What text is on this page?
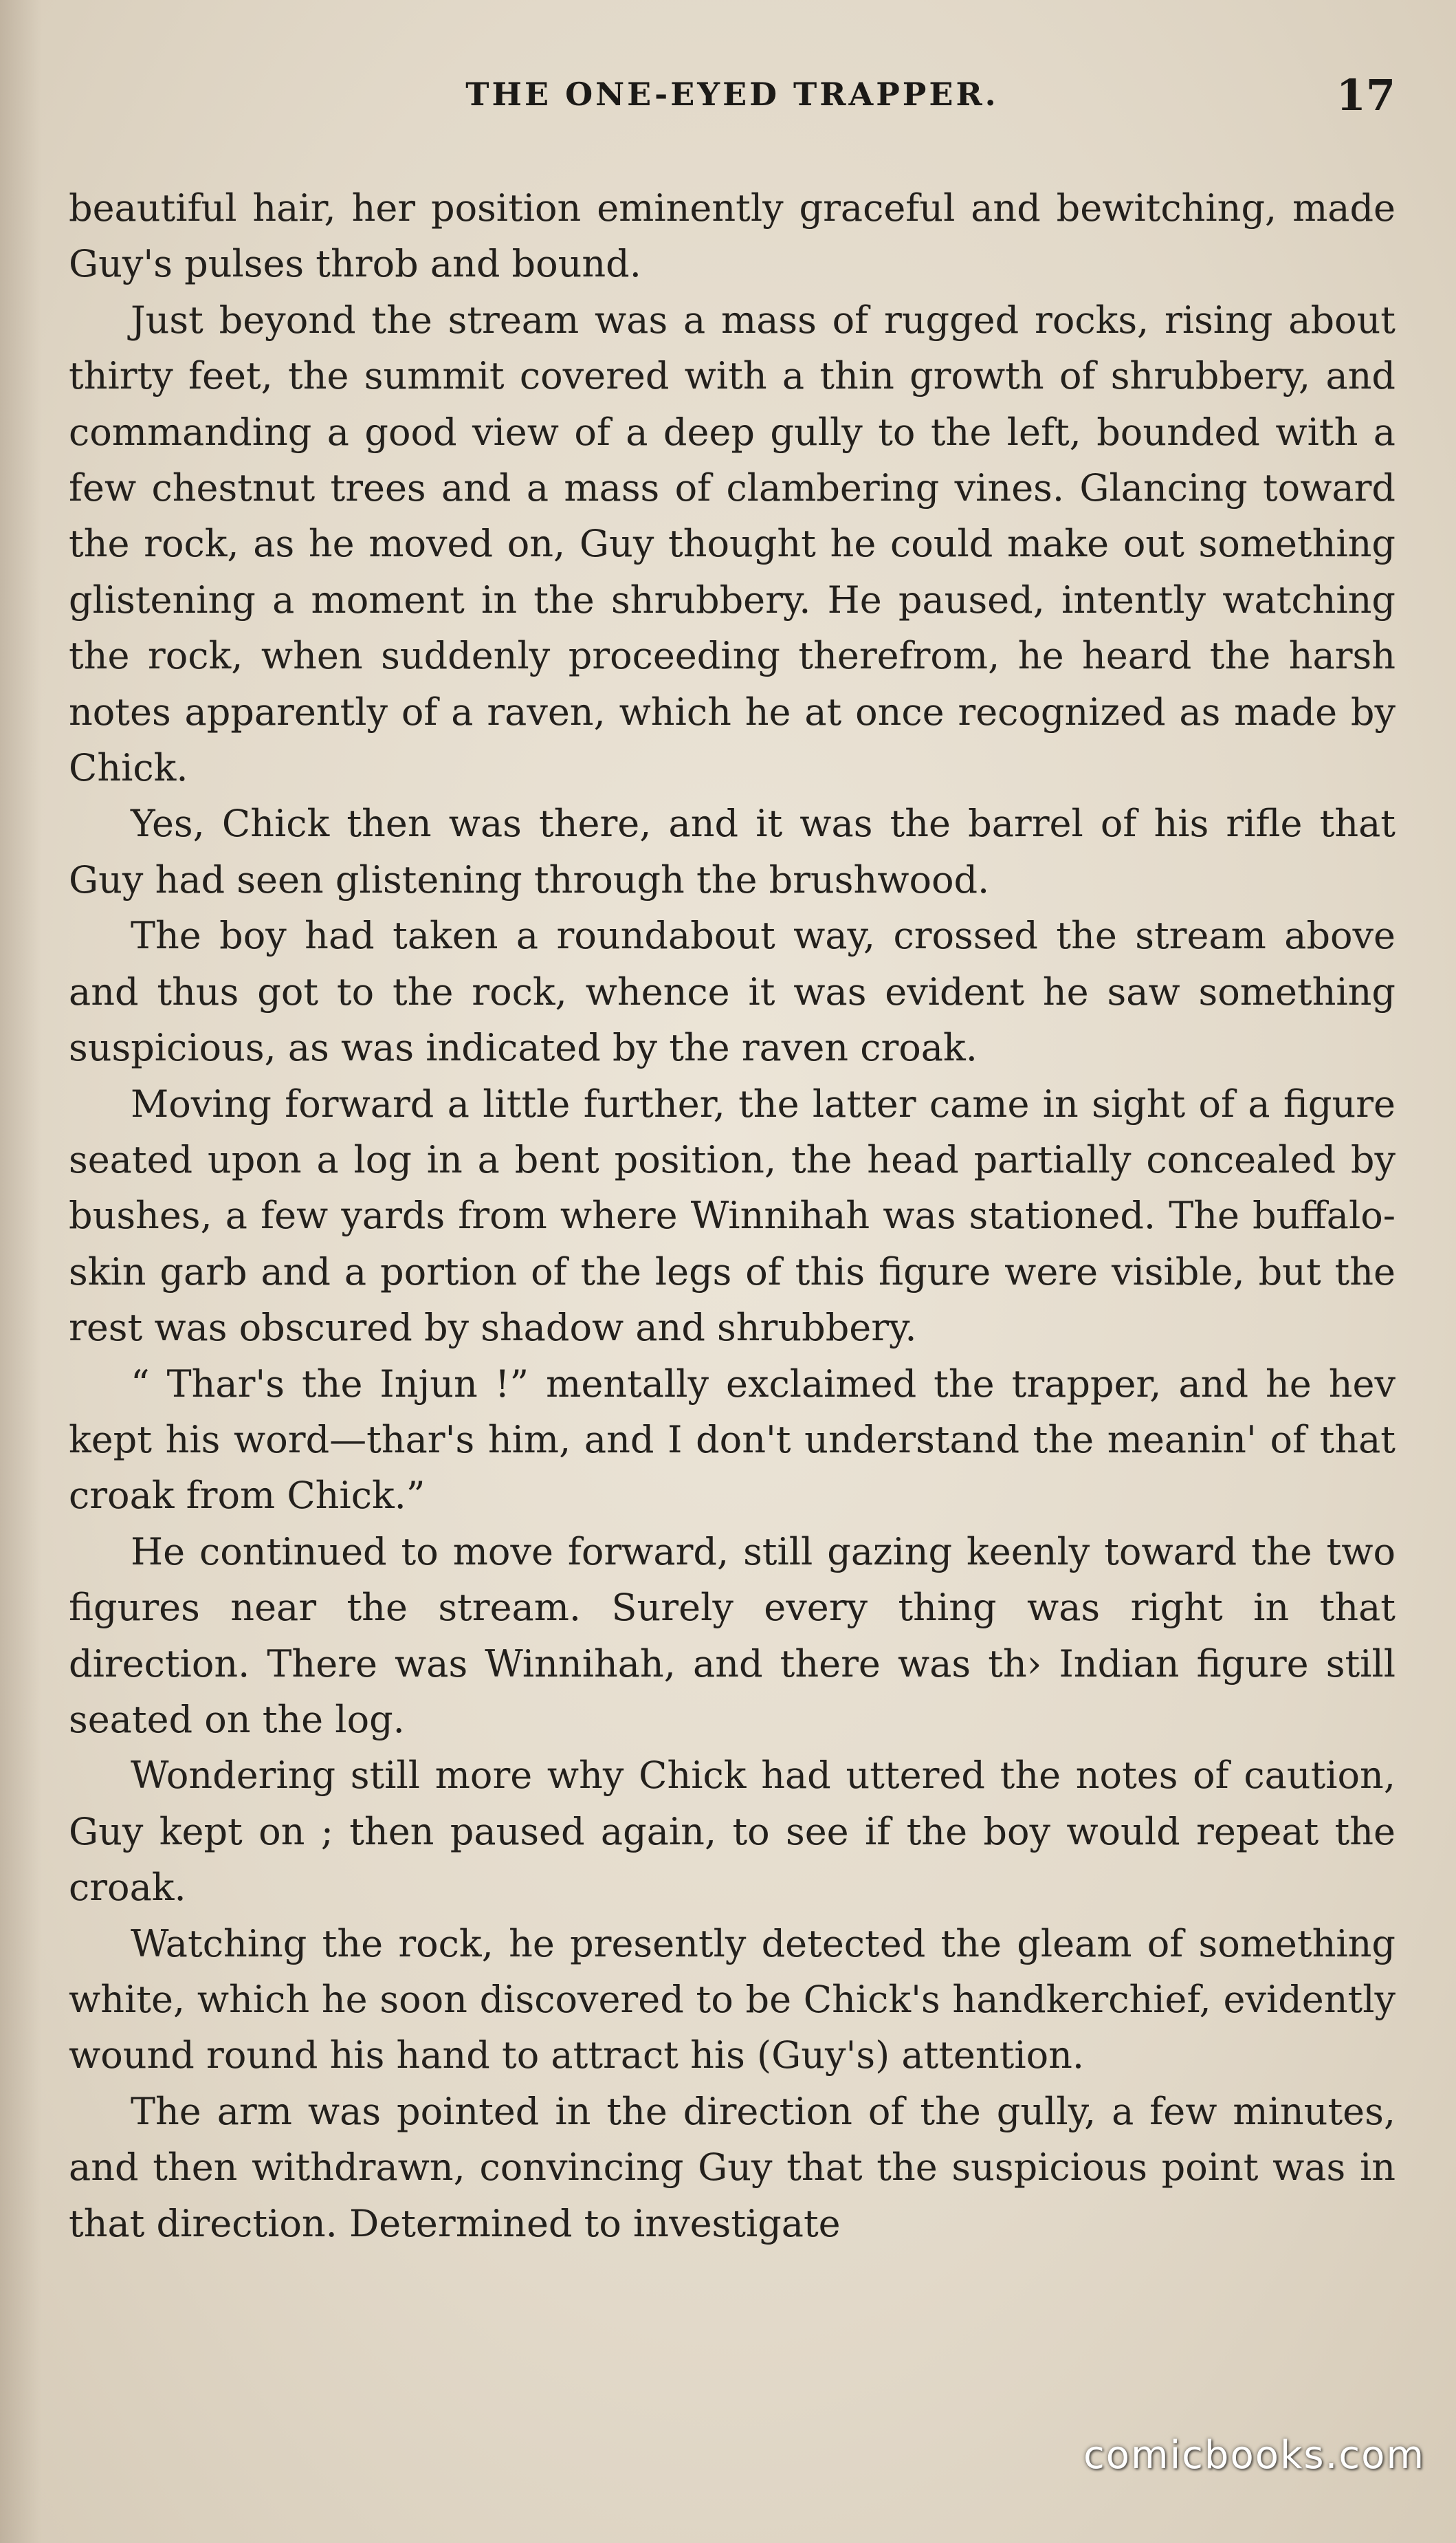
THE ONE-EYED TRAPPER.	17

beautiful hair, her position eminently graceful and bewitching, made Guy's pulses throb and bound.

Just beyond the stream was a mass of rugged rocks, rising about thirty feet, the summit covered with a thin growth of shrubbery, and commanding a good view of a deep gully to the left, bounded with a few chestnut trees and a mass of clambering vines. Glancing toward the rock, as he moved on, Guy thought he could make out something glistening a moment in the shrubbery. He paused, intently watching the rock, when suddenly proceeding therefrom, he heard the harsh notes apparently of a raven, which he at once recognized as made by Chick.

Yes, Chick then was there, and it was the barrel of his rifle that Guy had seen glistening through the brushwood.

The boy had taken a roundabout way, crossed the stream above and thus got to the rock, whence it was evident he saw something suspicious, as was indicated by the raven croak.

Moving forward a little further, the latter came in sight of a figure seated upon a log in a bent position, the head partially concealed by bushes, a few yards from where Winnihah was stationed. The buffalo-skin garb and a portion of the legs of this figure were visible, but the rest was obscured by shadow and shrubbery.

“ Thar's the Injun !” mentally exclaimed the trapper, and he hev kept his word—thar's him, and I don't understand the meanin' of that croak from Chick.”

He continued to move forward, still gazing keenly toward the two figures near the stream. Surely every thing was right in that direction. There was Winnihah, and there was th› Indian figure still seated on the log.

Wondering still more why Chick had uttered the notes of caution, Guy kept on ; then paused again, to see if the boy would repeat the croak.

Watching the rock, he presently detected the gleam of something white, which he soon discovered to be Chick's handkerchief, evidently wound round his hand to attract his (Guy's) attention.

The arm was pointed in the direction of the gully, a few minutes, and then withdrawn, convincing Guy that the suspicious point was in that direction. Determined to investigate

comicbooks.com
